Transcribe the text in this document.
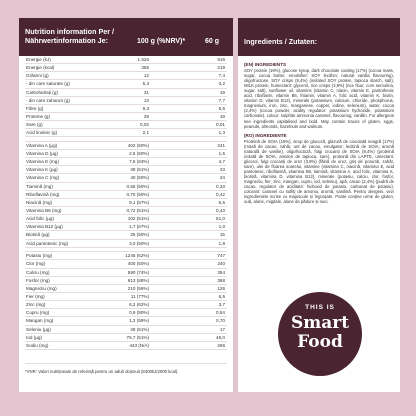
Nutrition information Per /
Nährwertinformation Je:	100 g (%NRV)*	60 g
Energie (kJ)	1.526	916
Energie (kcal)	365	219
Grăsimi (g)	12	7,4
- din care saturate (g)	5,3	3,2
Carbohidrați (g)	31	19
- din care zaharuri (g)	13	7,7
Fibre (g)	9,3	5,6
Proteine (g)	29	18
Sare (g)	0,02	0,01
Acid linoleic (g)	2,1	1,3
Vitamina A (µg)	402 (50%)	241
Vitamina D (µg)	2,5 (50%)	1,5
Vitamina E (mg)	7,6 (63%)	4,7
Vitamina K (µg)	38 (51%)	23
Vitamina C (mg)	40 (50%)	24
Tiamină (mg)	0,55 (50%)	0,33
Riboflavină (mg)	0,70 (50%)	0,42
Niacină (mg)	9,1 (57%)	5,5
Vitamina B6 (mg)	0,72 (51%)	0,43
Acid folic (µg)	102 (51%)	61,0
Vitamina B12 (µg)	1,7 (67%)	1,0
Biotină (µg)	25 (50%)	15
Acid pantotenic (mg)	3,0 (50%)	1,8
Potasiu (mg)	1245 (62%)	747
Clor (mg)	400 (50%)	240
Calciu (mg)	590 (74%)	354
Fosfor (mg)	613 (88%)	368
Magneziu (mg)	210 (56%)	126
Fier (mg)	11 (77%)	6,5
Zinc (mg)	6,2 (62%)	3,7
Cupru (mg)	0,9 (90%)	0,54
Mangan (mg)	1,2 (59%)	0,70
Seleniu (µg)	28 (51%)	17
Iod (µg)	76,7 (51%)	46,0
Sodiu (mg)	443 (N/A)	266
*VNR: Valori nutriționale de referință pentru un adult obișnuit (8400kJ/2000 kcal).
Ingredients / Zutaten:
(EN) INGREDIENTS

SOY protein (19%), glucose syrup, dark chocolate coating (17%) (cocoa mass, sugar, cocoa butter, emulsifier: SOY lecithin; natural vanilla flavouring), oligofructose, SOY crisps (8,4%) (isolated SOY protein, tapioca starch, salt), MILK protein, humectant: glycerol, rice crisps (3,9%) (rice flour, corn semolina, sugar, salt), sunflower oil, vitamins (vitamin C, niacin, vitamin E, pantothenic acid, riboflavin, vitamin B6, thiamin, vitamin A, folic acid, vitamin K, biotin, vitamin D, vitamin B12), minerals (potassium, calcium, chloride, phosphorus, magnesium, iron, zinc, manganese, copper, iodine, selenium), water, cocoa (2,4%) (cocoa powder, acidity regulator: potassium hydroxide, potassium carbonate), colour: sulphite ammonia caramel, flavouring, vanillin. For allergens see ingredients capitalised and bold. May contain traces of gluten, eggs, peanuts, almonds, hazelnuts and walnuts.

(RO) INGREDIENTE

Proteină de SOIA (19%), sirop de glucoză, glazură de ciocolată neagră (17%) (masă de cacao, zahăr, unt de cacao, emulgator: lecitină de SOIA; aromă naturală de vanilie), oligofructoză, fulgi crocanți de SOIA (8,4%) (proteină izolată de SOIA, amidon de tapioca, sare), proteină din LAPTE, umectant: glicerol, fulgi crocanți de orez (3,9%) (făină de orez, griș de porumb, zahăr, sare), ulei de floarea soarelui, vitamine (vitamina C, niacină, vitamina E, acid pantotenic, riboflavină, vitamina B6, tiamină, vitamina A, acid folic, vitamina K, biotină, vitamina D, vitamina B12), minerale (potasiu, calciu, clor, fosfor, magneziu, fier, zinc, mangan, cupru, iod, seleniu), apă, cacao (2,4%) (pudră de cacao, regulator de aciditate: hidroxid de potasiu, carbonat de potasiu), colorant: caramel cu sulfiți de amoniu, aromă, vanilină. Pentru alergeni, vezi ingredientele scrise cu majuscule și îngroșate. Poate conține urme de gluten, ouă, alune, migdale, alune de pădure și nuci.

THIS IS
Smart
Food
